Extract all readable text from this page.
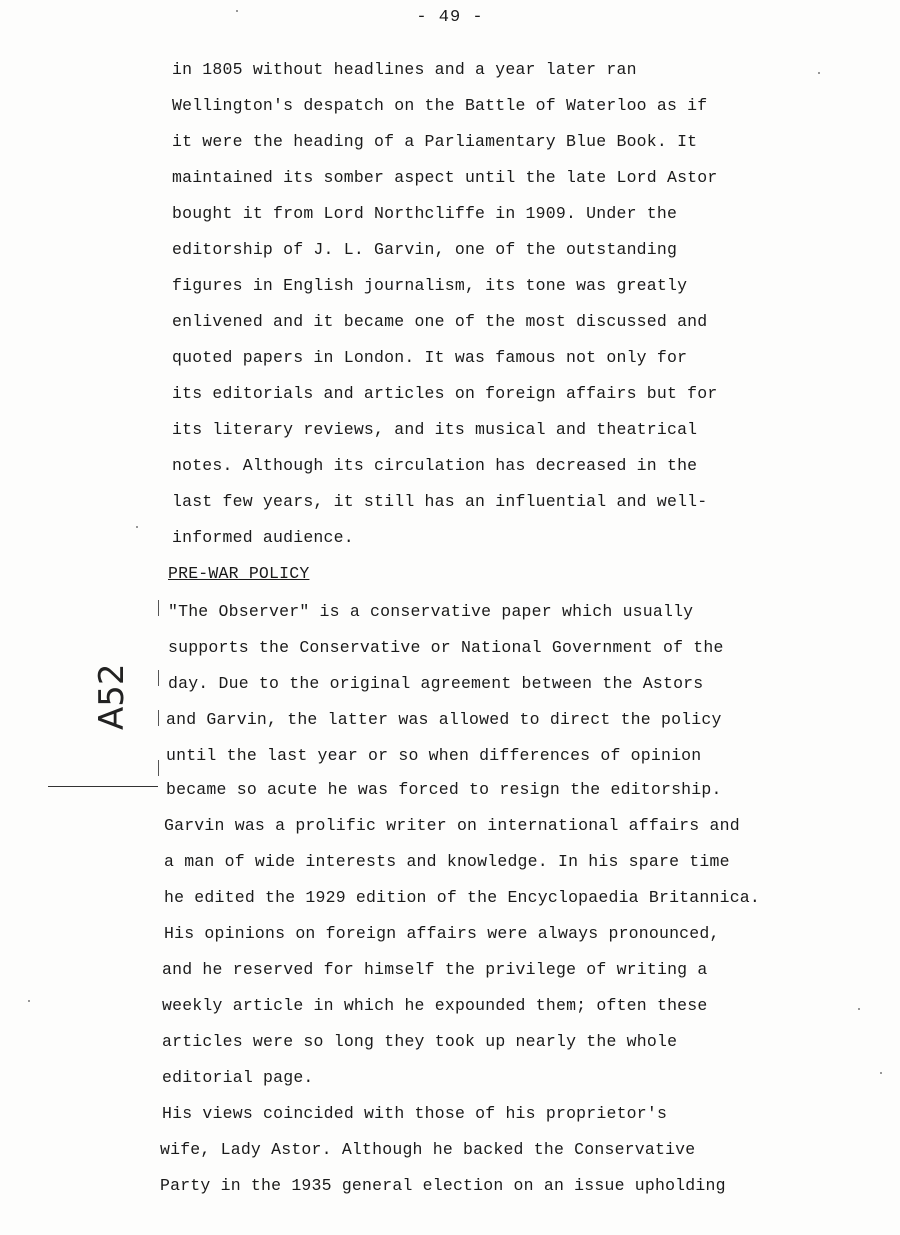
- 49 -
A52
in 1805 without headlines and a year later ran
Wellington's despatch on the Battle of Waterloo as if
it were the heading of a Parliamentary Blue Book. It
maintained its somber aspect until the late Lord Astor
bought it from Lord Northcliffe in 1909. Under the
editorship of J. L. Garvin, one of the outstanding
figures in English journalism, its tone was greatly
enlivened and it became one of the most discussed and
quoted papers in London. It was famous not only for
its editorials and articles on foreign affairs but for
its literary reviews, and its musical and theatrical
notes. Although its circulation has decreased in the
last few years, it still has an influential and well-
informed audience.
PRE-WAR POLICY
"The Observer" is a conservative paper which usually
supports the Conservative or National Government of the
day. Due to the original agreement between the Astors
and Garvin, the latter was allowed to direct the policy
until the last year or so when differences of opinion
became so acute he was forced to resign the editorship.
Garvin was a prolific writer on international affairs and
a man of wide interests and knowledge. In his spare time
he edited the 1929 edition of the Encyclopaedia Britannica.
His opinions on foreign affairs were always pronounced,
and he reserved for himself the privilege of writing a
weekly article in which he expounded them; often these
articles were so long they took up nearly the whole
editorial page.
His views coincided with those of his proprietor's
wife, Lady Astor. Although he backed the Conservative
Party in the 1935 general election on an issue upholding
